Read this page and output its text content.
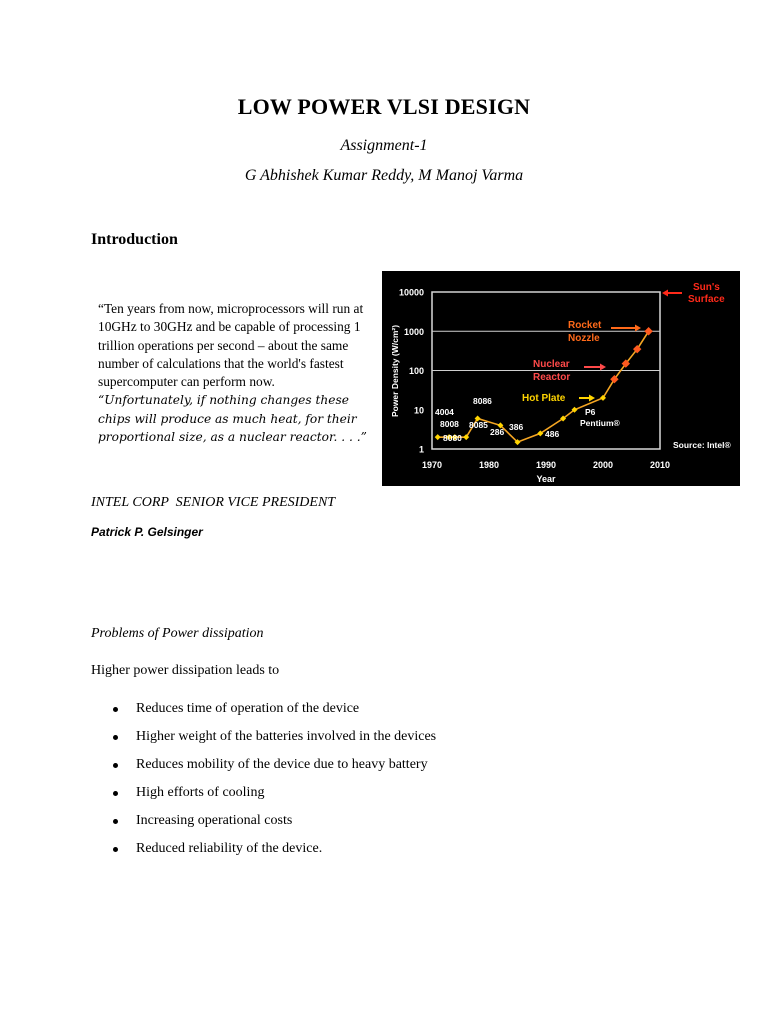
LOW POWER VLSI DESIGN
Assignment-1
G Abhishek Kumar Reddy, M Manoj Varma
Introduction
“Ten years from now, microprocessors will run at 10GHz to 30GHz and be capable of processing 1 trillion operations per second – about the same number of calculations that the world's fastest supercomputer can perform now.
“Unfortunately, if nothing changes these chips will produce as much heat, for their proportional size, as a nuclear reactor. . . .”
INTEL CORP  SENIOR VICE PRESIDENT
Patrick P. Gelsinger
10000
1000
100
10
1
1970	1980	1990	2000	2010
Power Density (W/cm²)
Year
4004
8008
8080
8086
8085
286 386
486
P6
Pentium®
Sun's
Surface
Rocket
Nozzle
Nuclear
Reactor
Hot Plate
Source: Intel®
Problems of Power dissipation
Higher power dissipation leads to
Reduces time of operation of the device
Higher weight of the batteries involved in the devices
Reduces mobility of the device due to heavy battery
High efforts of cooling
Increasing operational costs
Reduced reliability of the device.
